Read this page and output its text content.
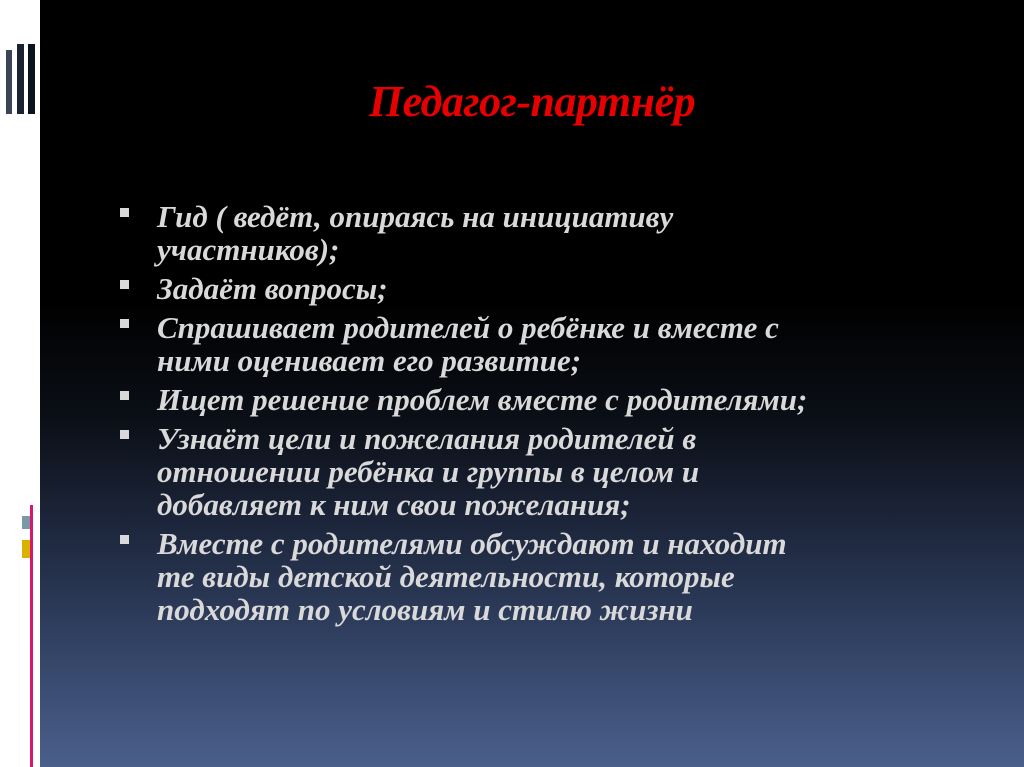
Педагог-партнёр
Гид ( ведёт, опираясь на инициативу
участников);
Задаёт вопросы;
Спрашивает родителей о ребёнке и вместе с
ними оценивает его развитие;
Ищет решение проблем вместе с родителями;
Узнаёт цели и пожелания родителей в
отношении ребёнка и группы в целом и
добавляет к ним свои пожелания;
Вместе с родителями обсуждают и находит
те виды детской деятельности, которые
подходят по условиям и стилю жизни
